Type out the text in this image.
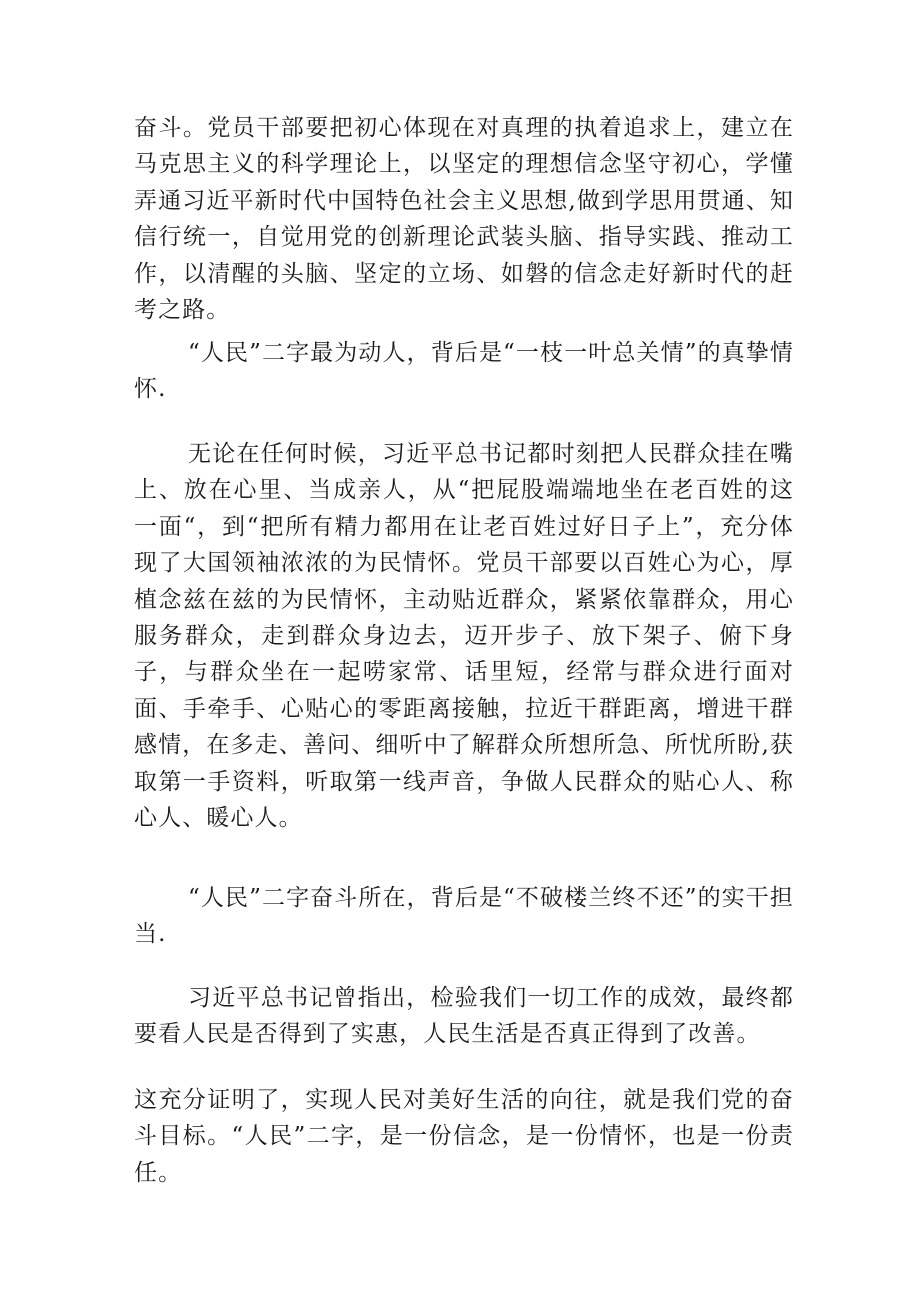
奋斗。党员干部要把初心体现在对真理的执着追求上，建立在马克思主义的科学理论上，以坚定的理想信念坚守初心，学懂弄通习近平新时代中国特色社会主义思想,做到学思用贯通、知信行统一，自觉用党的创新理论武装头脑、指导实践、推动工作，以清醒的头脑、坚定的立场、如磐的信念走好新时代的赶考之路。

“人民”二字最为动人，背后是“一枝一叶总关情”的真挚情怀.

无论在任何时候，习近平总书记都时刻把人民群众挂在嘴上、放在心里、当成亲人，从“把屁股端端地坐在老百姓的这一面“，到“把所有精力都用在让老百姓过好日子上”，充分体现了大国领袖浓浓的为民情怀。党员干部要以百姓心为心，厚植念兹在兹的为民情怀，主动贴近群众，紧紧依靠群众，用心服务群众，走到群众身边去，迈开步子、放下架子、俯下身子，与群众坐在一起唠家常、话里短，经常与群众进行面对面、手牵手、心贴心的零距离接触，拉近干群距离，增进干群感情，在多走、善问、细听中了解群众所想所急、所忧所盼,获取第一手资料，听取第一线声音，争做人民群众的贴心人、称心人、暖心人。

“人民”二字奋斗所在，背后是“不破楼兰终不还”的实干担当.

习近平总书记曾指出，检验我们一切工作的成效，最终都要看人民是否得到了实惠，人民生活是否真正得到了改善。

这充分证明了，实现人民对美好生活的向往，就是我们党的奋斗目标。“人民”二字，是一份信念，是一份情怀，也是一份责任。
